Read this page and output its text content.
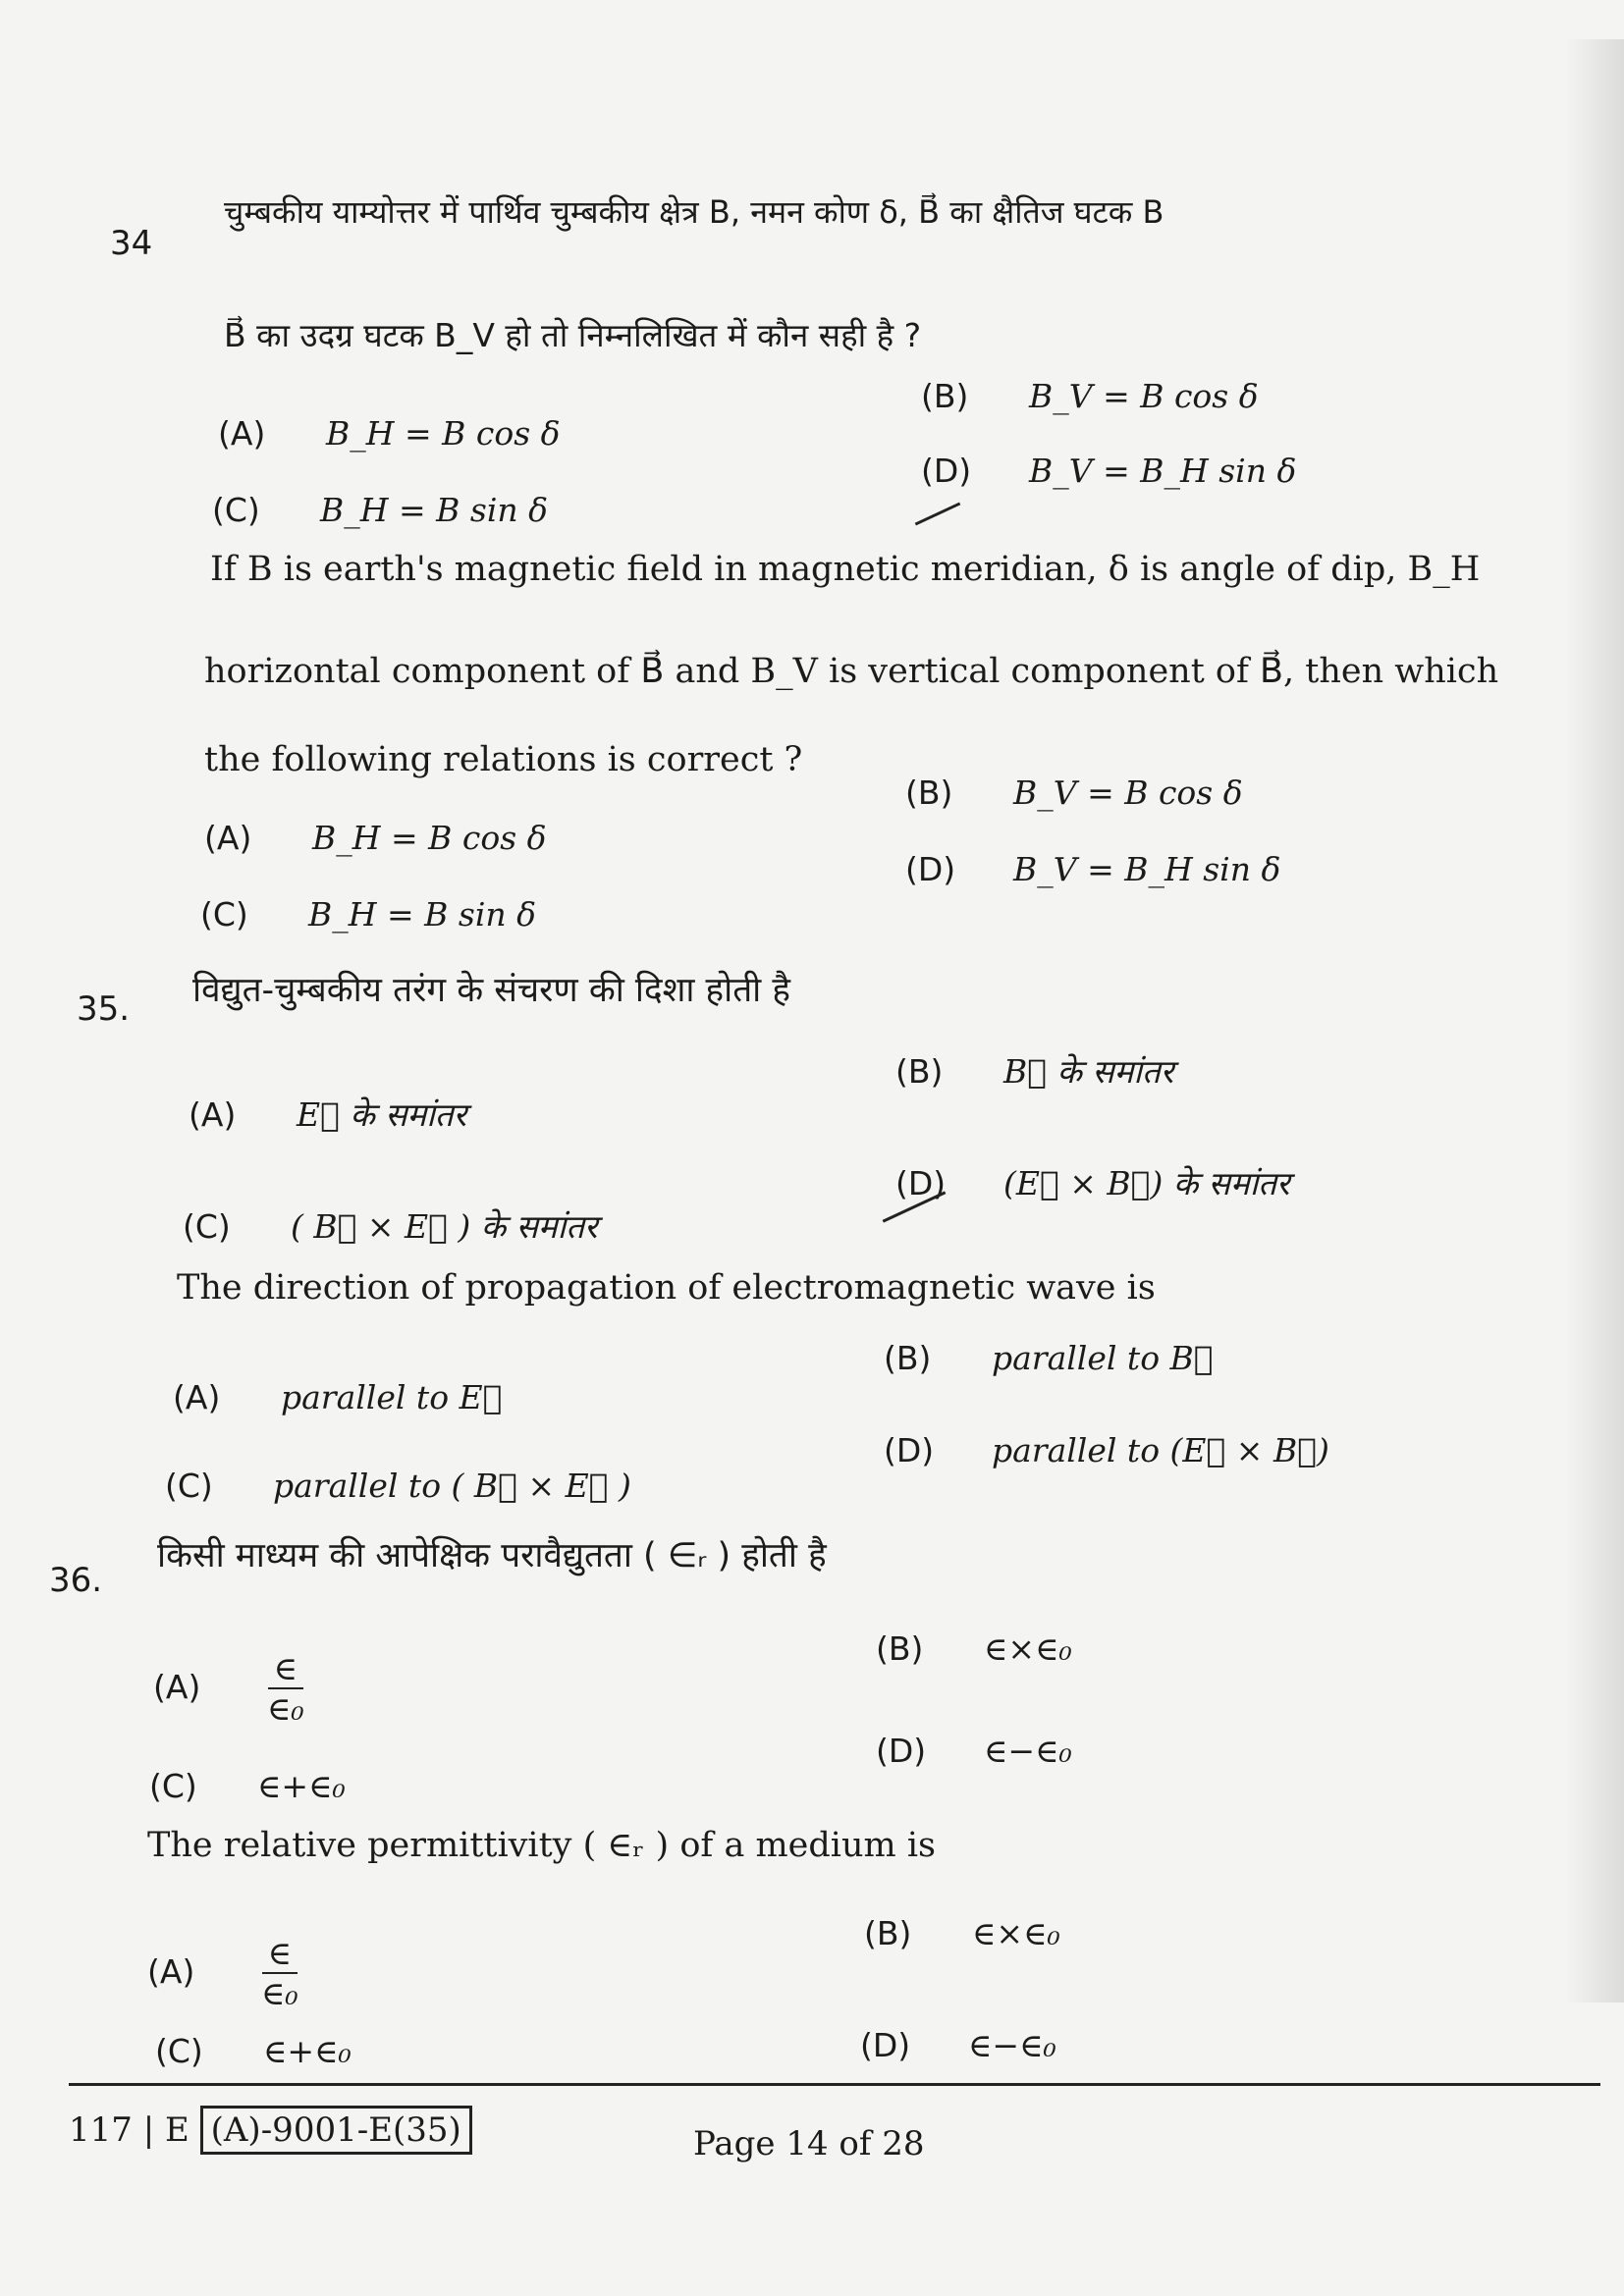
34
चुम्बकीय याम्योत्तर में पार्थिव चुम्बकीय क्षेत्र B, नमन कोण δ, B⃗ का क्षैतिज घटक B
B⃗ का उदग्र घटक B_V हो तो निम्नलिखित में कौन सही है ?
(A) B_H = B cos δ
(B) B_V = B cos δ
(C) B_H = B sin δ
(D) B_V = B_H sin δ
If B is earth's magnetic field in magnetic meridian, δ is angle of dip, B_H
horizontal component of B⃗ and B_V is vertical component of B⃗, then which
the following relations is correct ?
(A) B_H = B cos δ
(B) B_V = B cos δ
(C) B_H = B sin δ
(D) B_V = B_H sin δ
35. विद्युत-चुम्बकीय तरंग के संचरण की दिशा होती है
(A) E⃗ के समांतर
(B) B⃗ के समांतर
(C) ( B⃗ × E⃗ ) के समांतर
(D) (E⃗ × B⃗) के समांतर
The direction of propagation of electromagnetic wave is
(A) parallel to E⃗
(B) parallel to B⃗
(C) parallel to ( B⃗ × E⃗ )
(D) parallel to (E⃗ × B⃗)
36.
किसी माध्यम की आपेक्षिक परावैद्युतता ( ∈ᵣ ) होती है
$(A) \frac{\in}{\text{∈₀}}$
(B) ∈×∈₀
(C) ∈+∈₀
(D) ∈−∈₀
The relative permittivity ( ∈ᵣ ) of a medium is
$(A) \frac{\in}{\text{∈₀}}$
(B) ∈×∈₀
(C) ∈+∈₀	(D) ∈−∈₀
117 | E (A)-9001-E(35)	Page 14 of 28
